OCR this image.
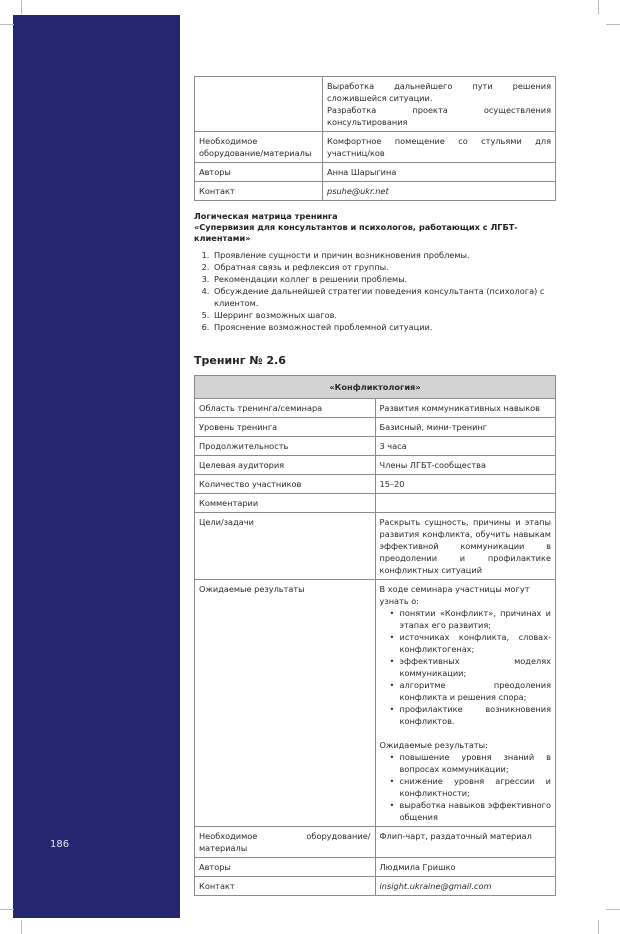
186

	Выработка дальнейшего пути решения сложившейся ситуации.
Разработка проекта осуществления консультирования

Необходимое оборудование/материалы	Комфортное помещение со стульями для участниц/ков
Авторы	Анна Шарыгина
Контакт	psuhe@ukr.net
Логическая матрица тренинга
«Супервизия для консультантов и психологов, работающих с ЛГБТ-клиентами»
1. Проявление сущности и причин возникновения проблемы.
2. Обратная связь и рефлексия от группы.
3. Рекомендации коллег в решении проблемы.
4. Обсуждение дальнейшей стратегии поведения консультанта (психолога) с клиентом.
5. Шерринг возможных шагов.
6. Прояснение возможностей проблемной ситуации.
Тренинг № 2.6
«Конфликтология»	
Область тренинга/семинара	Развития коммуникативных навыков
Уровень тренинга	Базисный, мини-тренинг
Продолжительность	3 часа
Целевая аудитория	Члены ЛГБТ-сообщества
Количество участников	15–20
Комментарии	
Цели/задачи	Раскрыть сущность, причины и этапы развития конфликта, обучить навыкам эффективной коммуникации в преодолении и профилактике конфликтных ситуаций
Ожидаемые результаты	В ходе семинара участницы могут узнать о:
• понятии «Конфликт», причинах и этапах его развития;
• источниках конфликта, словах-конфликтогенах;
• эффективных моделях коммуникации;
• алгоритме преодоления конфликта и решения спора;
• профилактике возникновения конфликтов.
Ожидаемые результаты:
• повышение уровня знаний в вопросах коммуникации;
• снижение уровня агрессии и конфликтности;
• выработка навыков эффективного общения

Необходимое оборудование/материалы	Флип-чарт, раздаточный материал
Авторы	Людмила Гришко
Контакт	insight.ukraine@gmail.com
